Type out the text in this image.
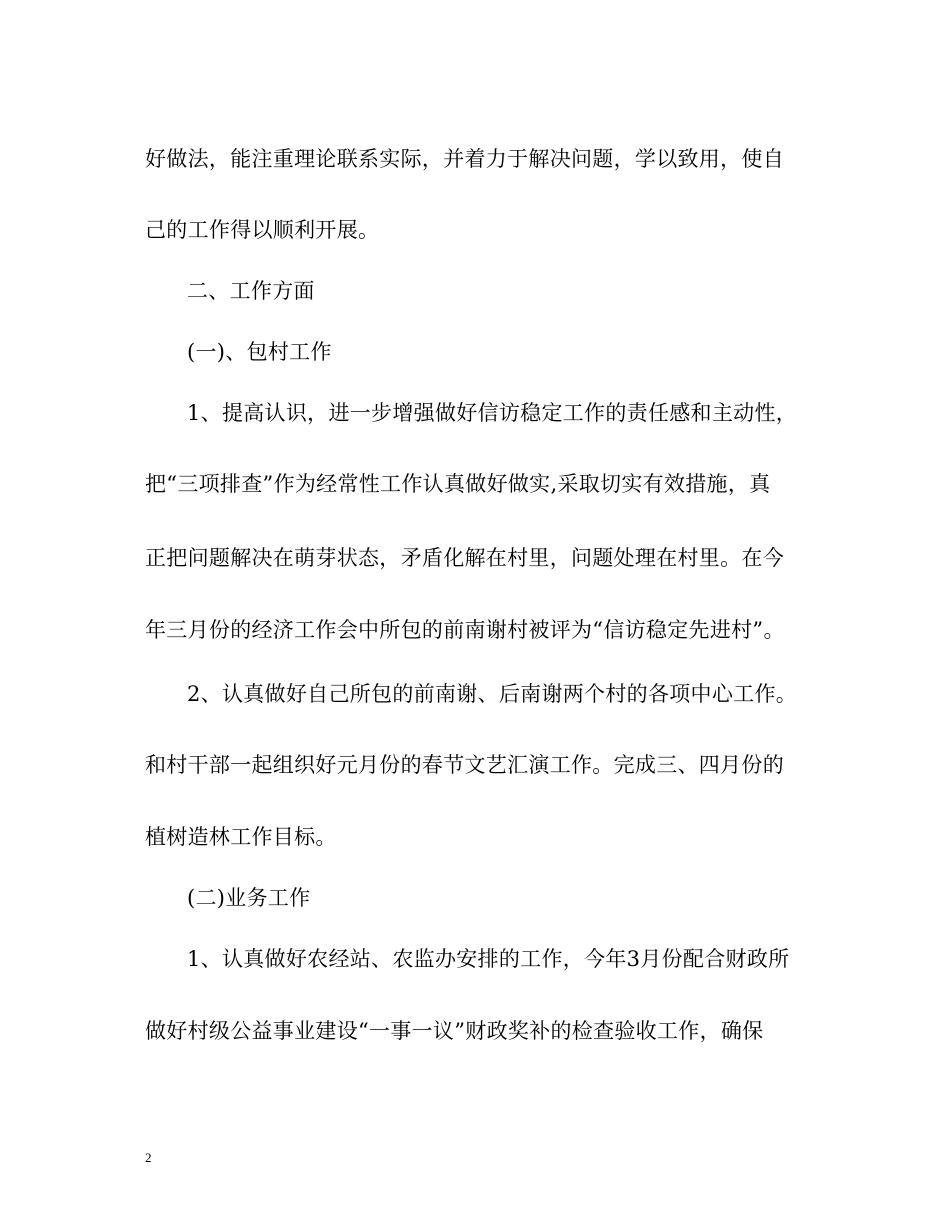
好做法，能注重理论联系实际，并着力于解决问题，学以致用，使自
己的工作得以顺利开展。
二、工作方面
(一)、包村工作
1、提高认识，进一步增强做好信访稳定工作的责任感和主动性，
把“三项排查”作为经常性工作认真做好做实,采取切实有效措施，真
正把问题解决在萌芽状态，矛盾化解在村里，问题处理在村里。在今
年三月份的经济工作会中所包的前南谢村被评为“信访稳定先进村”。
2、认真做好自己所包的前南谢、后南谢两个村的各项中心工作。
和村干部一起组织好元月份的春节文艺汇演工作。完成三、四月份的
植树造林工作目标。
(二)业务工作
1、认真做好农经站、农监办安排的工作，今年3月份配合财政所
做好村级公益事业建设“一事一议”财政奖补的检查验收工作，确保
2
